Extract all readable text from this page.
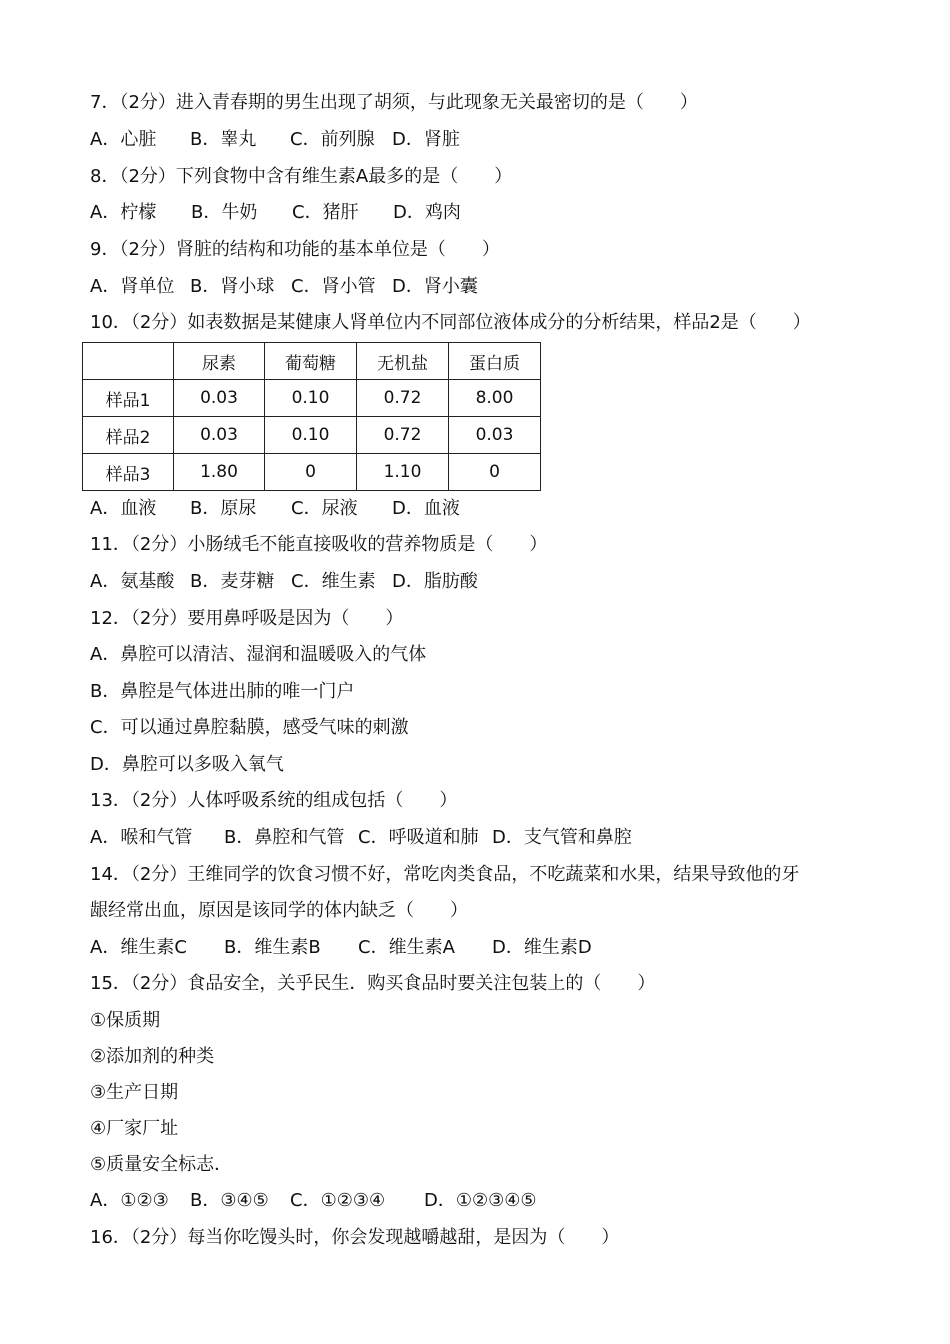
7．（2分）进入青春期的男生出现了胡须，与此现象无关最密切的是（　　）
A．心脏 B．睾丸 C．前列腺 D．肾脏
8．（2分）下列食物中含有维生素A最多的是（　　）
A．柠檬 B．牛奶 C．猪肝 D．鸡肉
9．（2分）肾脏的结构和功能的基本单位是（　　）
A．肾单位 B．肾小球 C．肾小管 D．肾小囊
10．（2分）如表数据是某健康人肾单位内不同部位液体成分的分析结果，样品2是（　　）
	尿素	葡萄糖	无机盐	蛋白质
样品1	0.03	0.10	0.72	8.00
样品2	0.03	0.10	0.72	0.03
样品3	1.80	0	1.10	0
A．血液 B．原尿 C．尿液 D．血液
11．（2分）小肠绒毛不能直接吸收的营养物质是（　　）
A．氨基酸 B．麦芽糖 C．维生素 D．脂肪酸
12．（2分）要用鼻呼吸是因为（　　）
A．鼻腔可以清洁、湿润和温暖吸入的气体
B．鼻腔是气体进出肺的唯一门户
C．可以通过鼻腔黏膜，感受气味的刺激
D．鼻腔可以多吸入氧气
13．（2分）人体呼吸系统的组成包括（　　）
A．喉和气管 B．鼻腔和气管 C．呼吸道和肺 D．支气管和鼻腔
14．（2分）王维同学的饮食习惯不好，常吃肉类食品，不吃蔬菜和水果，结果导致他的牙
龈经常出血，原因是该同学的体内缺乏（　　）
A．维生素C B．维生素B C．维生素A D．维生素D
15．（2分）食品安全，关乎民生．购买食品时要关注包装上的（　　）
①保质期
②添加剂的种类
③生产日期
④厂家厂址
⑤质量安全标志．
A．①②③ B．③④⑤ C．①②③④ D．①②③④⑤
16．（2分）每当你吃馒头时，你会发现越嚼越甜，是因为（　　）
